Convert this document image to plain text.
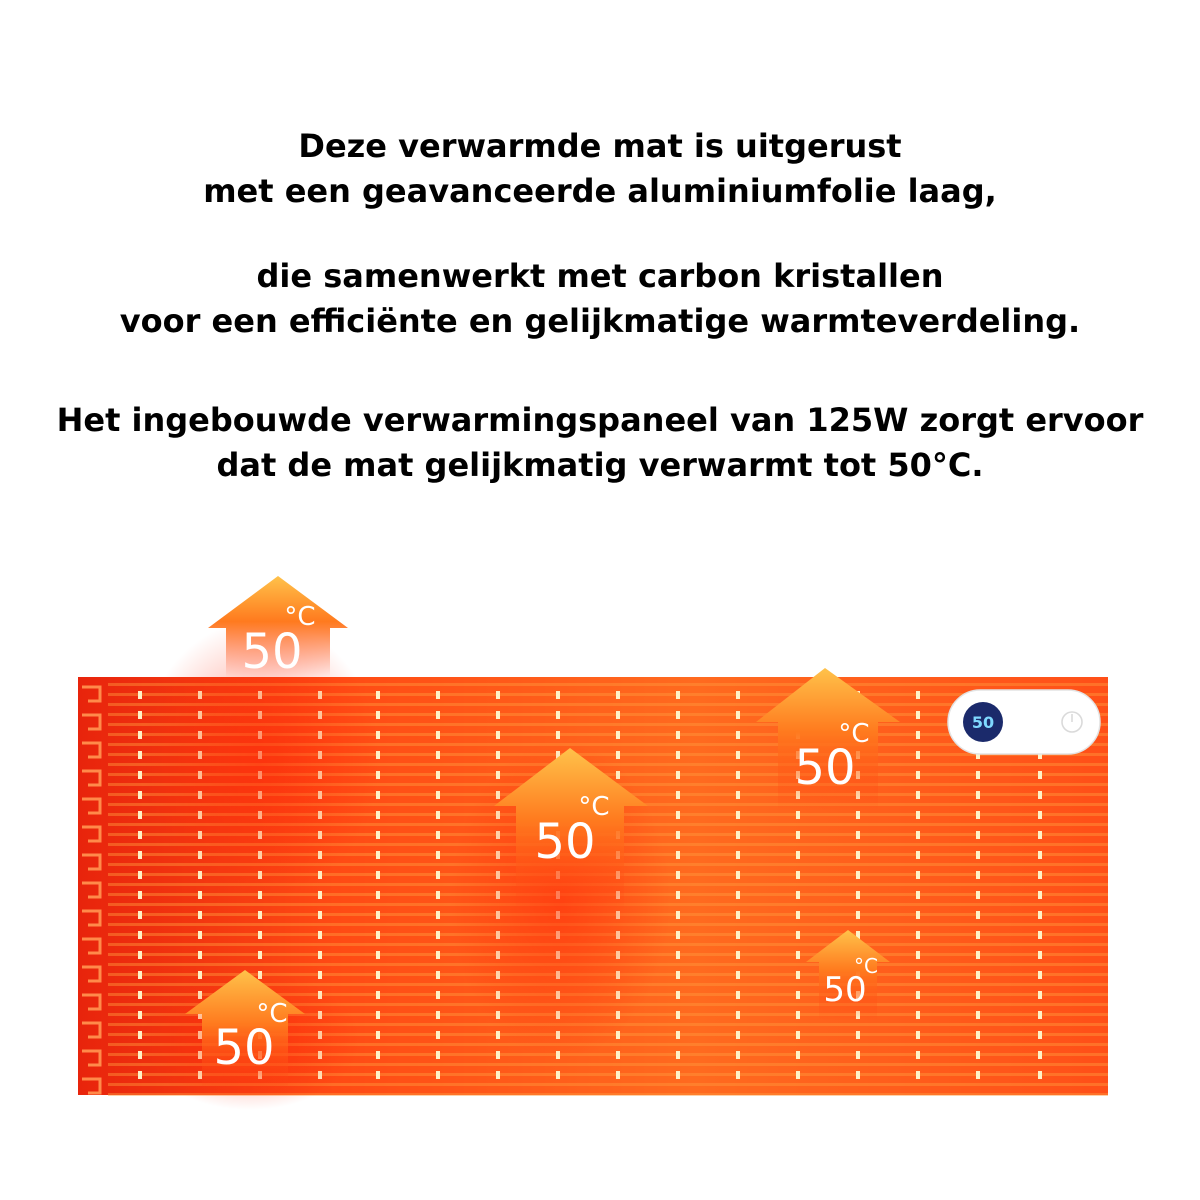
Deze verwarmde mat is uitgerust
met een geavanceerde aluminiumfolie laag,

die samenwerkt met carbon kristallen
voor een efficiënte en gelijkmatige warmteverdeling.

Het ingebouwde verwarmingspaneel van 125W zorgt ervoor
dat de mat gelijkmatig verwarmt tot 50°C.

50
°C
50
°C
50
°C
50
°C
50
°C
50
